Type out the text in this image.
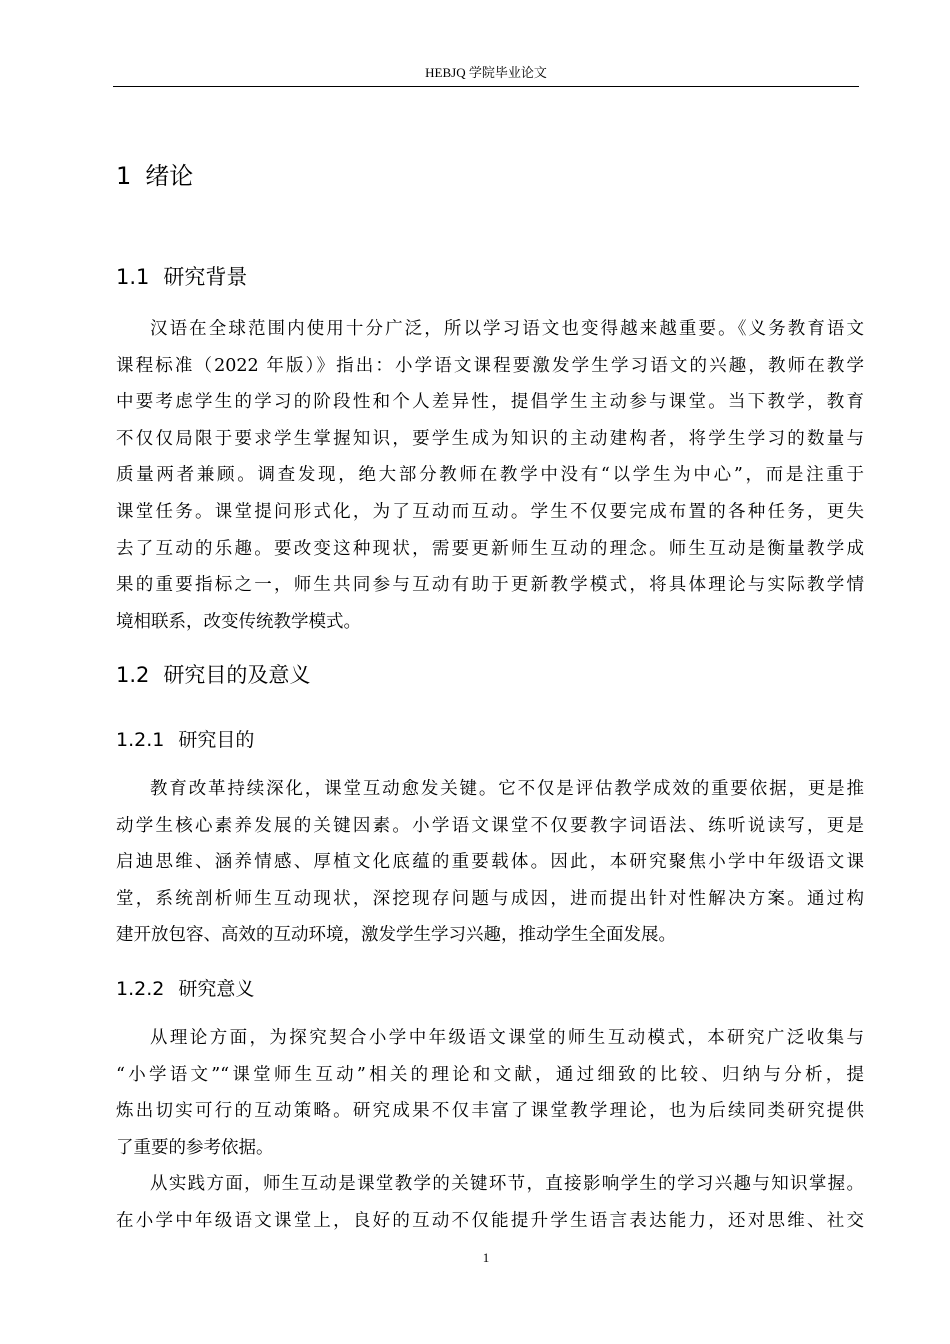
HEBJQ 学院毕业论文
1 绪论
1.1 研究背景
汉语在全球范围内使用十分广泛，所以学习语文也变得越来越重要。《义务教育语文
课程标准（2022 年版）》指出：小学语文课程要激发学生学习语文的兴趣，教师在教学
中要考虑学生的学习的阶段性和个人差异性，提倡学生主动参与课堂。当下教学，教育
不仅仅局限于要求学生掌握知识，要学生成为知识的主动建构者，将学生学习的数量与
质量两者兼顾。调查发现，绝大部分教师在教学中没有“以学生为中心”，而是注重于
课堂任务。课堂提问形式化，为了互动而互动。学生不仅要完成布置的各种任务，更失
去了互动的乐趣。要改变这种现状，需要更新师生互动的理念。师生互动是衡量教学成
果的重要指标之一，师生共同参与互动有助于更新教学模式，将具体理论与实际教学情
境相联系，改变传统教学模式。
1.2 研究目的及意义
1.2.1 研究目的
教育改革持续深化，课堂互动愈发关键。它不仅是评估教学成效的重要依据，更是推
动学生核心素养发展的关键因素。小学语文课堂不仅要教字词语法、练听说读写，更是
启迪思维、涵养情感、厚植文化底蕴的重要载体。因此，本研究聚焦小学中年级语文课
堂，系统剖析师生互动现状，深挖现存问题与成因，进而提出针对性解决方案。通过构
建开放包容、高效的互动环境，激发学生学习兴趣，推动学生全面发展。
1.2.2 研究意义
从理论方面，为探究契合小学中年级语文课堂的师生互动模式，本研究广泛收集与
“小学语文”“课堂师生互动”相关的理论和文献，通过细致的比较、归纳与分析，提
炼出切实可行的互动策略。研究成果不仅丰富了课堂教学理论，也为后续同类研究提供
了重要的参考依据。
从实践方面，师生互动是课堂教学的关键环节，直接影响学生的学习兴趣与知识掌握。
在小学中年级语文课堂上，良好的互动不仅能提升学生语言表达能力，还对思维、社交
1
